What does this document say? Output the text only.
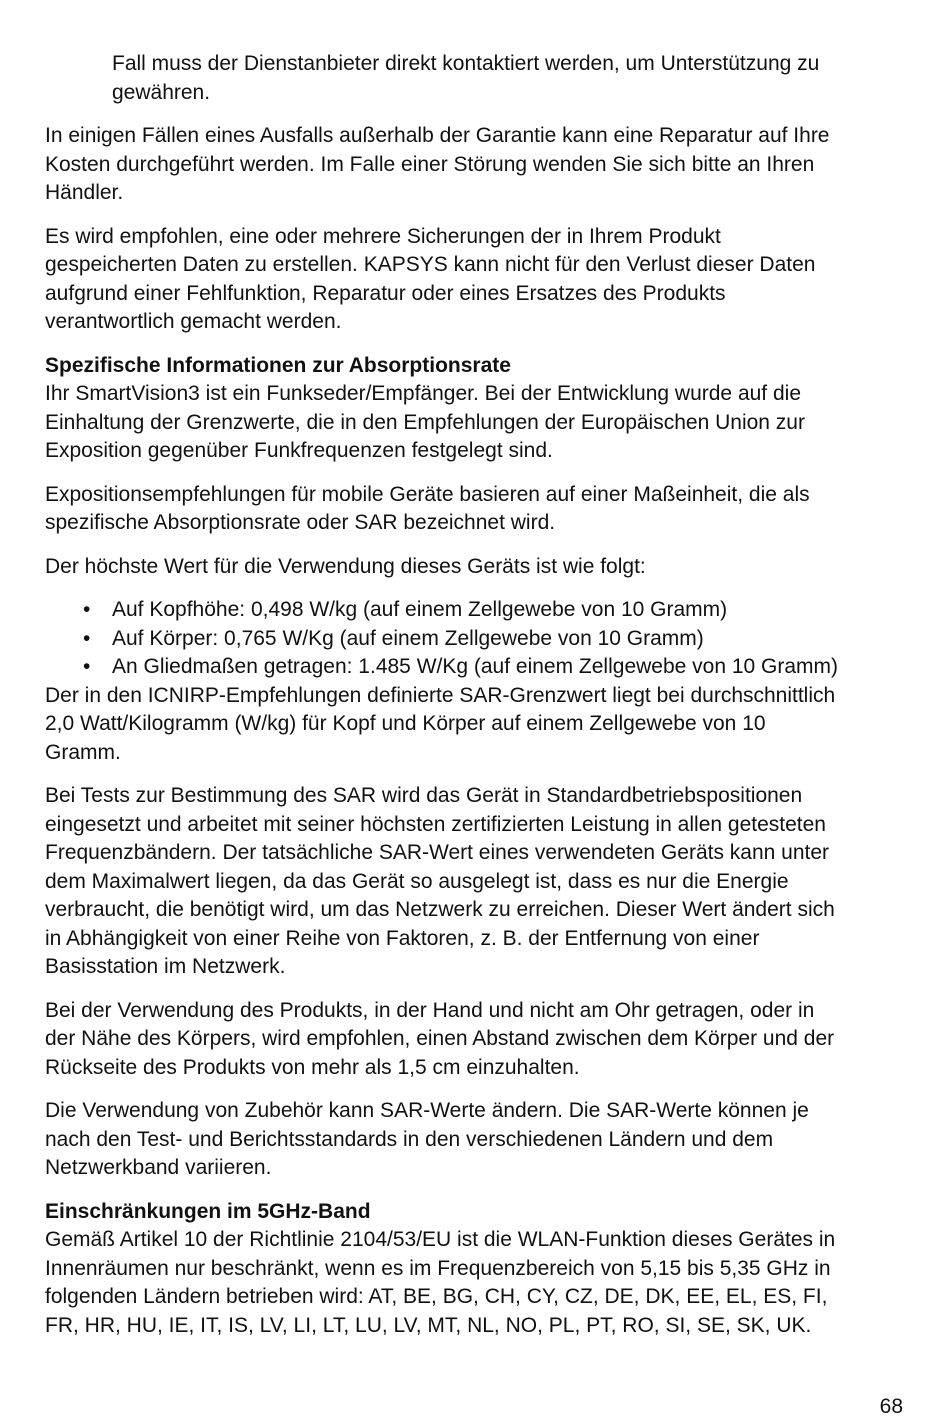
Fall muss der Dienstanbieter direkt kontaktiert werden, um Unterstützung zu
gewähren.

In einigen Fällen eines Ausfalls außerhalb der Garantie kann eine Reparatur auf Ihre
Kosten durchgeführt werden. Im Falle einer Störung wenden Sie sich bitte an Ihren
Händler.

Es wird empfohlen, eine oder mehrere Sicherungen der in Ihrem Produkt
gespeicherten Daten zu erstellen. KAPSYS kann nicht für den Verlust dieser Daten
aufgrund einer Fehlfunktion, Reparatur oder eines Ersatzes des Produkts
verantwortlich gemacht werden.

Spezifische Informationen zur Absorptionsrate

Ihr SmartVision3 ist ein Funkseder/Empfänger. Bei der Entwicklung wurde auf die
Einhaltung der Grenzwerte, die in den Empfehlungen der Europäischen Union zur
Exposition gegenüber Funkfrequenzen festgelegt sind.

Expositionsempfehlungen für mobile Geräte basieren auf einer Maßeinheit, die als
spezifische Absorptionsrate oder SAR bezeichnet wird.

Der höchste Wert für die Verwendung dieses Geräts ist wie folgt:

• Auf Kopfhöhe: 0,498 W/kg (auf einem Zellgewebe von 10 Gramm)
• Auf Körper: 0,765 W/Kg (auf einem Zellgewebe von 10 Gramm)
• An Gliedmaßen getragen: 1.485 W/Kg (auf einem Zellgewebe von 10 Gramm)

Der in den ICNIRP-Empfehlungen definierte SAR-Grenzwert liegt bei durchschnittlich
2,0 Watt/Kilogramm (W/kg) für Kopf und Körper auf einem Zellgewebe von 10
Gramm.

Bei Tests zur Bestimmung des SAR wird das Gerät in Standardbetriebspositionen
eingesetzt und arbeitet mit seiner höchsten zertifizierten Leistung in allen getesteten
Frequenzbändern. Der tatsächliche SAR-Wert eines verwendeten Geräts kann unter
dem Maximalwert liegen, da das Gerät so ausgelegt ist, dass es nur die Energie
verbraucht, die benötigt wird, um das Netzwerk zu erreichen. Dieser Wert ändert sich
in Abhängigkeit von einer Reihe von Faktoren, z. B. der Entfernung von einer
Basisstation im Netzwerk.

Bei der Verwendung des Produkts, in der Hand und nicht am Ohr getragen, oder in
der Nähe des Körpers, wird empfohlen, einen Abstand zwischen dem Körper und der
Rückseite des Produkts von mehr als 1,5 cm einzuhalten.

Die Verwendung von Zubehör kann SAR-Werte ändern. Die SAR-Werte können je
nach den Test- und Berichtsstandards in den verschiedenen Ländern und dem
Netzwerkband variieren.

Einschränkungen im 5GHz-Band

Gemäß Artikel 10 der Richtlinie 2104/53/EU ist die WLAN-Funktion dieses Gerätes in
Innenräumen nur beschränkt, wenn es im Frequenzbereich von 5,15 bis 5,35 GHz in
folgenden Ländern betrieben wird: AT, BE, BG, CH, CY, CZ, DE, DK, EE, EL, ES, FI,
FR, HR, HU, IE, IT, IS, LV, LI, LT, LU, LV, MT, NL, NO, PL, PT, RO, SI, SE, SK, UK.

68
